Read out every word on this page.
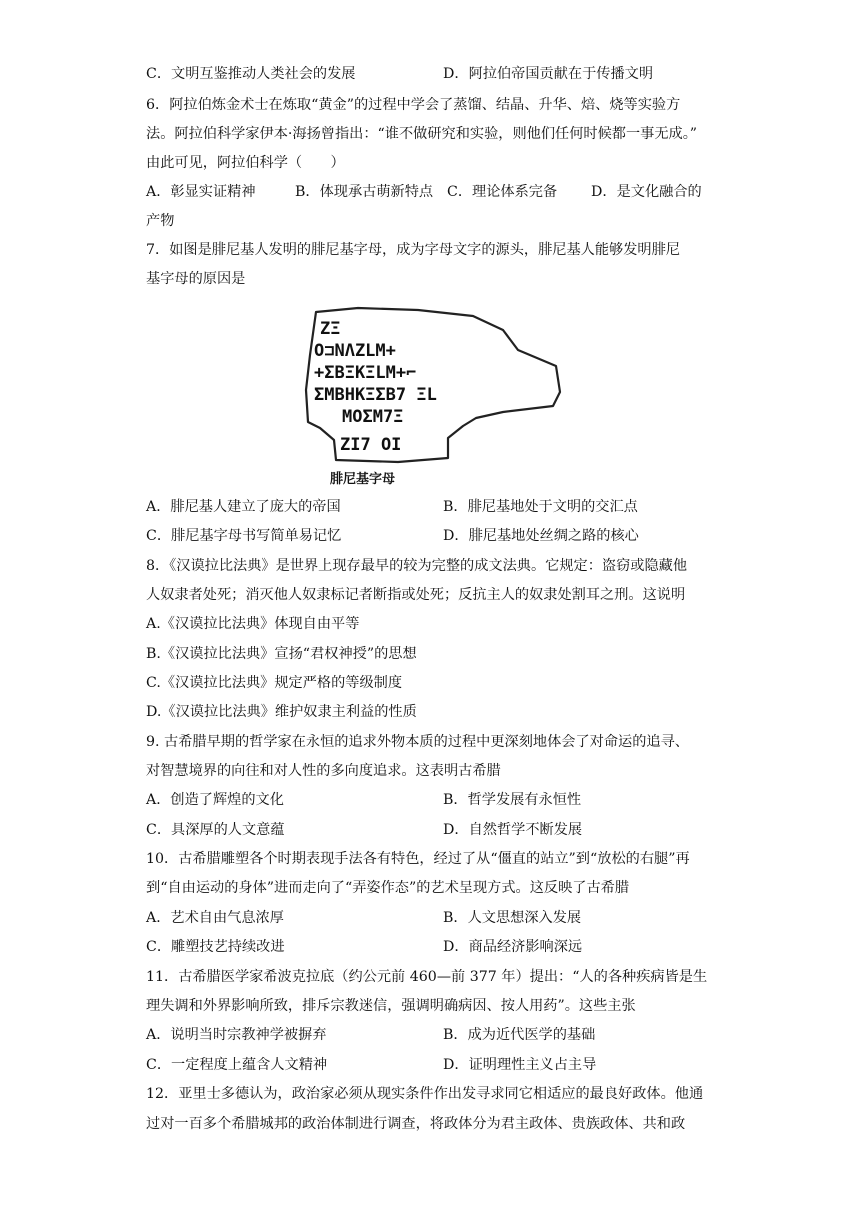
C．文明互鉴推动人类社会的发展	D．阿拉伯帝国贡献在于传播文明
6．阿拉伯炼金术士在炼取“黄金”的过程中学会了蒸馏、结晶、升华、焙、烧等实验方
法。阿拉伯科学家伊本·海扬曾指出：“谁不做研究和实验，则他们任何时候都一事无成。”
由此可见，阿拉伯科学（　　）
A．彰显实证精神	B．体现承古萌新特点 C．理论体系完备 D．是文化融合的
产物
7．如图是腓尼基人发明的腓尼基字母，成为字母文字的源头，腓尼基人能够发明腓尼
基字母的原因是
ΖΞ
O⊐ΝΛΖLΜ+
+ΣΒΞΚΞLΜ+⌐
ΣΜΒΗΚΞΣΒ7 ΞL
ΜOΣΜ7Ξ
ΖΙ7 OΙ
腓尼基字母
A．腓尼基人建立了庞大的帝国	B．腓尼基地处于文明的交汇点
C．腓尼基字母书写简单易记忆	D．腓尼基地处丝绸之路的核心
8．《汉谟拉比法典》是世界上现存最早的较为完整的成文法典。它规定：盗窃或隐藏他
人奴隶者处死；消灭他人奴隶标记者断指或处死；反抗主人的奴隶处割耳之刑。这说明
A.《汉谟拉比法典》体现自由平等
B.《汉谟拉比法典》宣扬“君权神授”的思想
C.《汉谟拉比法典》规定严格的等级制度
D.《汉谟拉比法典》维护奴隶主利益的性质
9. 古希腊早期的哲学家在永恒的追求外物本质的过程中更深刻地体会了对命运的追寻、
对智慧境界的向往和对人性的多向度追求。这表明古希腊
A．创造了辉煌的文化	B．哲学发展有永恒性
C．具深厚的人文意蕴	D．自然哲学不断发展
10．古希腊雕塑各个时期表现手法各有特色，经过了从“僵直的站立”到“放松的右腿”再
到“自由运动的身体”进而走向了“弄姿作态”的艺术呈现方式。这反映了古希腊
A．艺术自由气息浓厚	B．人文思想深入发展
C．雕塑技艺持续改进	D．商品经济影响深远
11．古希腊医学家希波克拉底（约公元前 460—前 377 年）提出：“人的各种疾病皆是生
理失调和外界影响所致，排斥宗教迷信，强调明确病因、按人用药”。这些主张
A．说明当时宗教神学被摒弃	B．成为近代医学的基础
C．一定程度上蕴含人文精神	D．证明理性主义占主导
12．亚里士多德认为，政治家必须从现实条件作出发寻求同它相适应的最良好政体。他通
过对一百多个希腊城邦的政治体制进行调查，将政体分为君主政体、贵族政体、共和政
